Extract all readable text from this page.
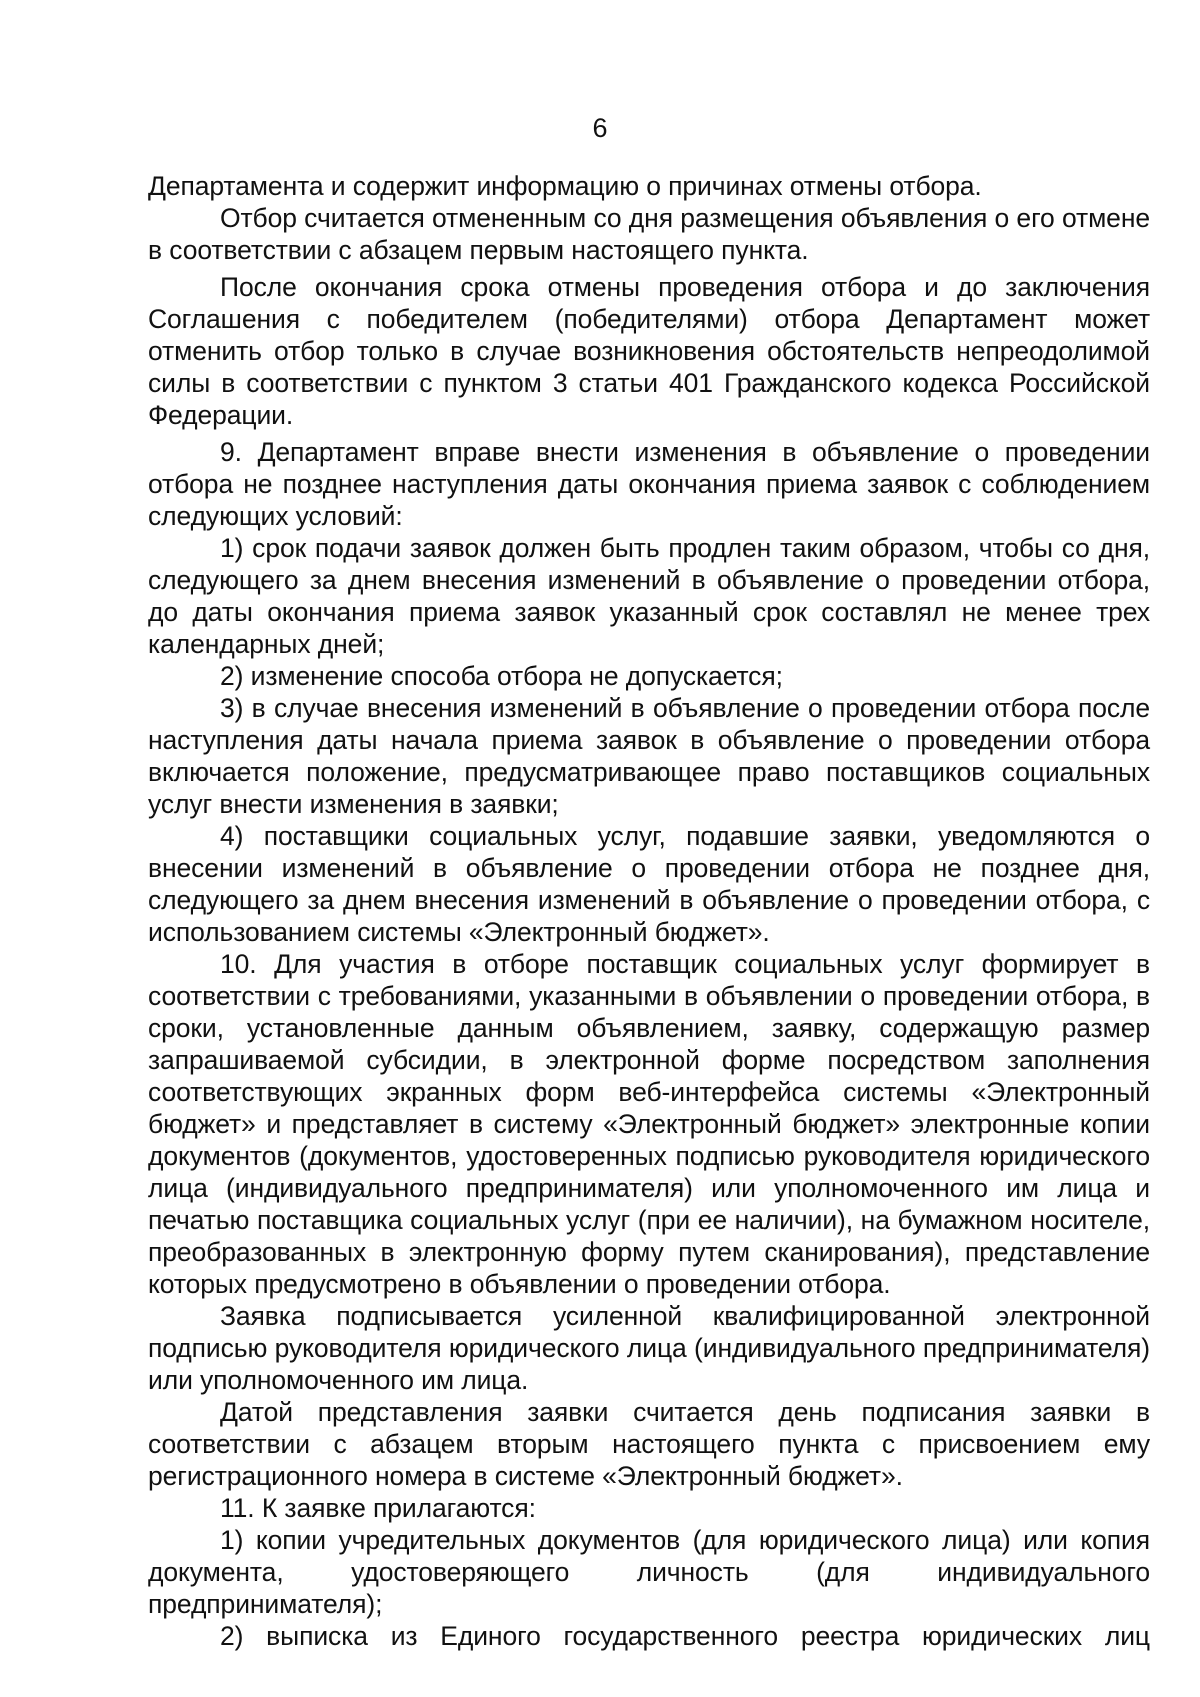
6

Департамента и содержит информацию о причинах отмены отбора.

Отбор считается отмененным со дня размещения объявления о его отмене в соответствии с абзацем первым настоящего пункта.

После окончания срока отмены проведения отбора и до заключения Соглашения с победителем (победителями) отбора Департамент может отменить отбор только в случае возникновения обстоятельств непреодолимой силы в соответствии с пунктом 3 статьи 401 Гражданского кодекса Российской Федерации.

9. Департамент вправе внести изменения в объявление о проведении отбора не позднее наступления даты окончания приема заявок с соблюдением следующих условий:

1) срок подачи заявок должен быть продлен таким образом, чтобы со дня, следующего за днем внесения изменений в объявление о проведении отбора, до даты окончания приема заявок указанный срок составлял не менее трех календарных дней;

2) изменение способа отбора не допускается;

3) в случае внесения изменений в объявление о проведении отбора после наступления даты начала приема заявок в объявление о проведении отбора включается положение, предусматривающее право поставщиков социальных услуг внести изменения в заявки;

4) поставщики социальных услуг, подавшие заявки, уведомляются о внесении изменений в объявление о проведении отбора не позднее дня, следующего за днем внесения изменений в объявление о проведении отбора, с использованием системы «Электронный бюджет».

10. Для участия в отборе поставщик социальных услуг формирует в соответствии с требованиями, указанными в объявлении о проведении отбора, в сроки, установленные данным объявлением, заявку, содержащую размер запрашиваемой субсидии, в электронной форме посредством заполнения соответствующих экранных форм веб-интерфейса системы «Электронный бюджет» и представляет в систему «Электронный бюджет» электронные копии документов (документов, удостоверенных подписью руководителя юридического лица (индивидуального предпринимателя) или уполномоченного им лица и печатью поставщика социальных услуг (при ее наличии), на бумажном носителе, преобразованных в электронную форму путем сканирования), представление которых предусмотрено в объявлении о проведении отбора.

Заявка подписывается усиленной квалифицированной электронной подписью руководителя юридического лица (индивидуального предпринимателя) или уполномоченного им лица.

Датой представления заявки считается день подписания заявки в соответствии с абзацем вторым настоящего пункта с присвоением ему регистрационного номера в системе «Электронный бюджет».

11. К заявке прилагаются:

1) копии учредительных документов (для юридического лица) или копия документа, удостоверяющего личность (для индивидуального предпринимателя);

2) выписка из Единого государственного реестра юридических лиц
